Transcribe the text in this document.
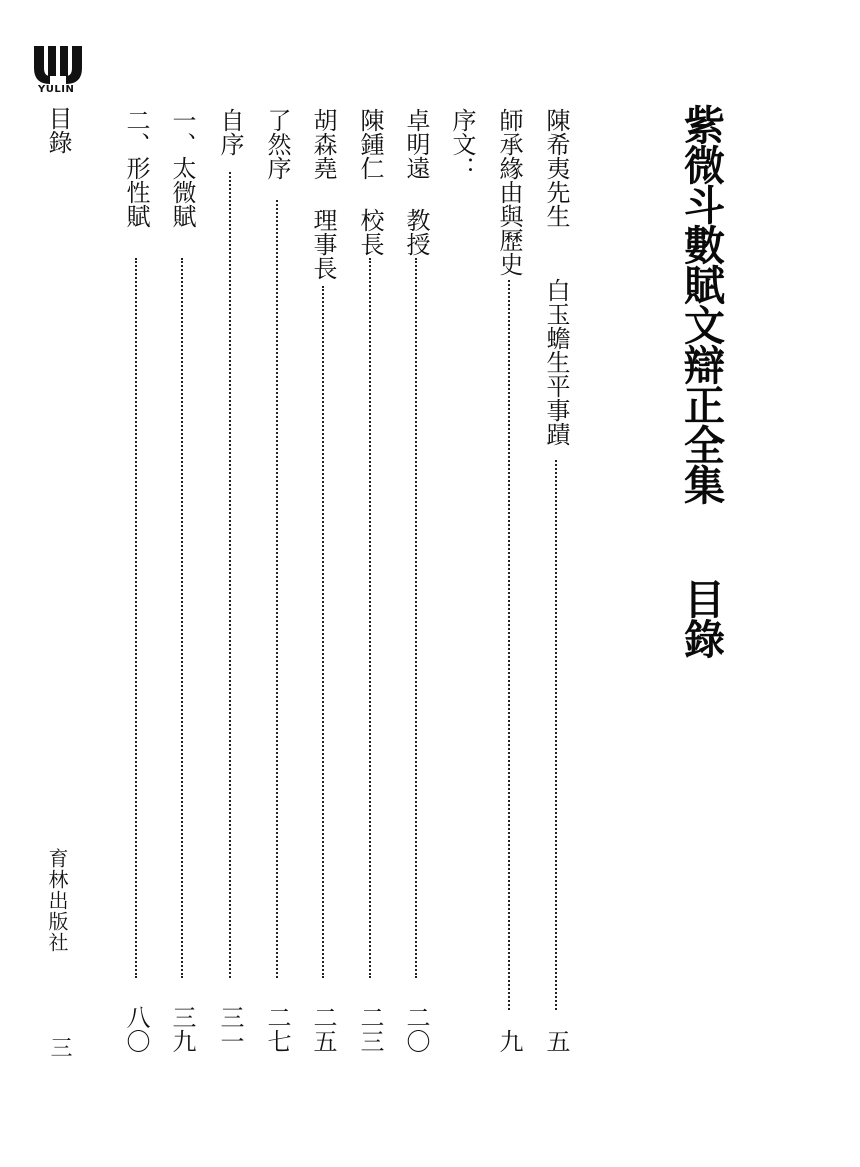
YULIN
紫微斗數賦文辯正全集
目錄
陳希夷先生
白玉蟾生平事蹟
五
師承緣由與歷史
九
序文：
卓明遠 教授
二〇
陳鍾仁 校長
二三
胡森堯 理事長
二五
了然序
二七
自序
三一
一、太微賦
三九
二、形性賦
八〇
目錄
育林出版社
三
